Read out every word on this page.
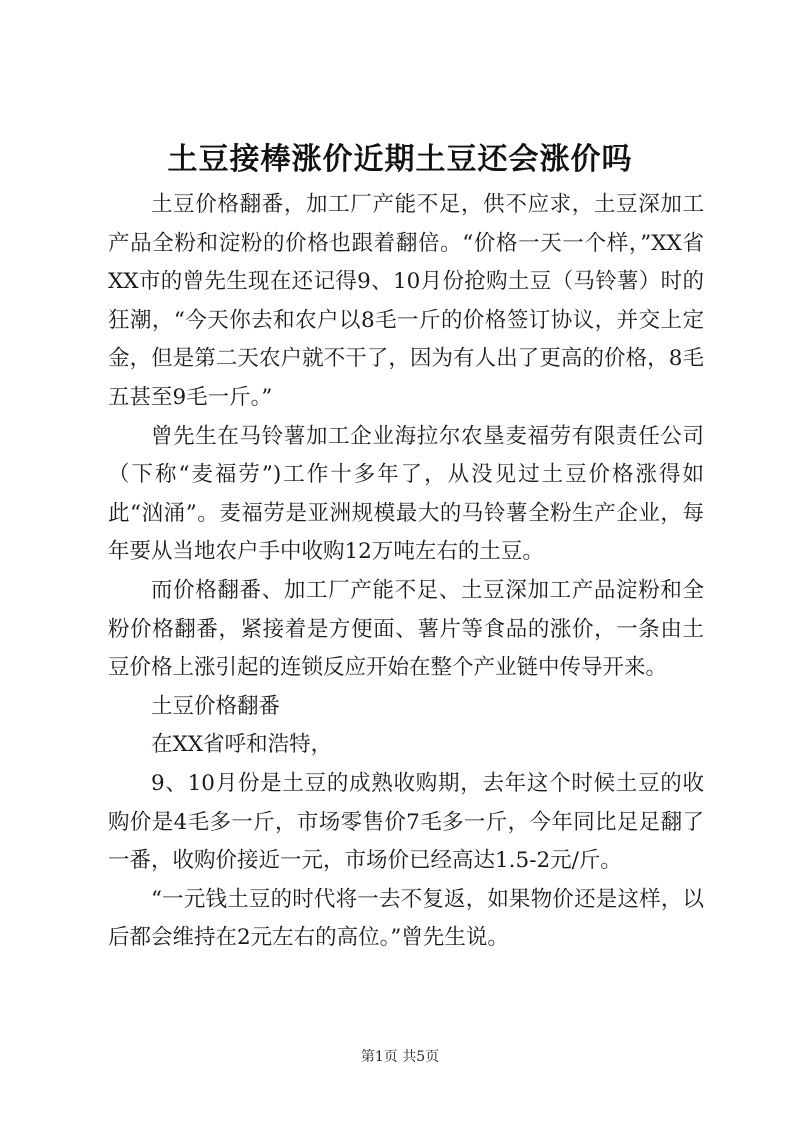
土豆接棒涨价近期土豆还会涨价吗

土豆价格翻番，加工厂产能不足，供不应求，土豆深加工产品全粉和淀粉的价格也跟着翻倍。“价格一天一个样，”XX省XX市的曾先生现在还记得9、10月份抢购土豆（马铃薯）时的狂潮，“今天你去和农户以8毛一斤的价格签订协议，并交上定金，但是第二天农户就不干了，因为有人出了更高的价格，8毛五甚至9毛一斤。”

曾先生在马铃薯加工企业海拉尔农垦麦福劳有限责任公司（下称“麦福劳”)工作十多年了，从没见过土豆价格涨得如此“汹涌”。麦福劳是亚洲规模最大的马铃薯全粉生产企业，每年要从当地农户手中收购12万吨左右的土豆。

而价格翻番、加工厂产能不足、土豆深加工产品淀粉和全粉价格翻番，紧接着是方便面、薯片等食品的涨价，一条由土豆价格上涨引起的连锁反应开始在整个产业链中传导开来。

土豆价格翻番

在XX省呼和浩特，

9、10月份是土豆的成熟收购期，去年这个时候土豆的收购价是4毛多一斤，市场零售价7毛多一斤，今年同比足足翻了一番，收购价接近一元，市场价已经高达1.5-2元/斤。

“一元钱土豆的时代将一去不复返，如果物价还是这样，以后都会维持在2元左右的高位。”曾先生说。

第1页 共5页
